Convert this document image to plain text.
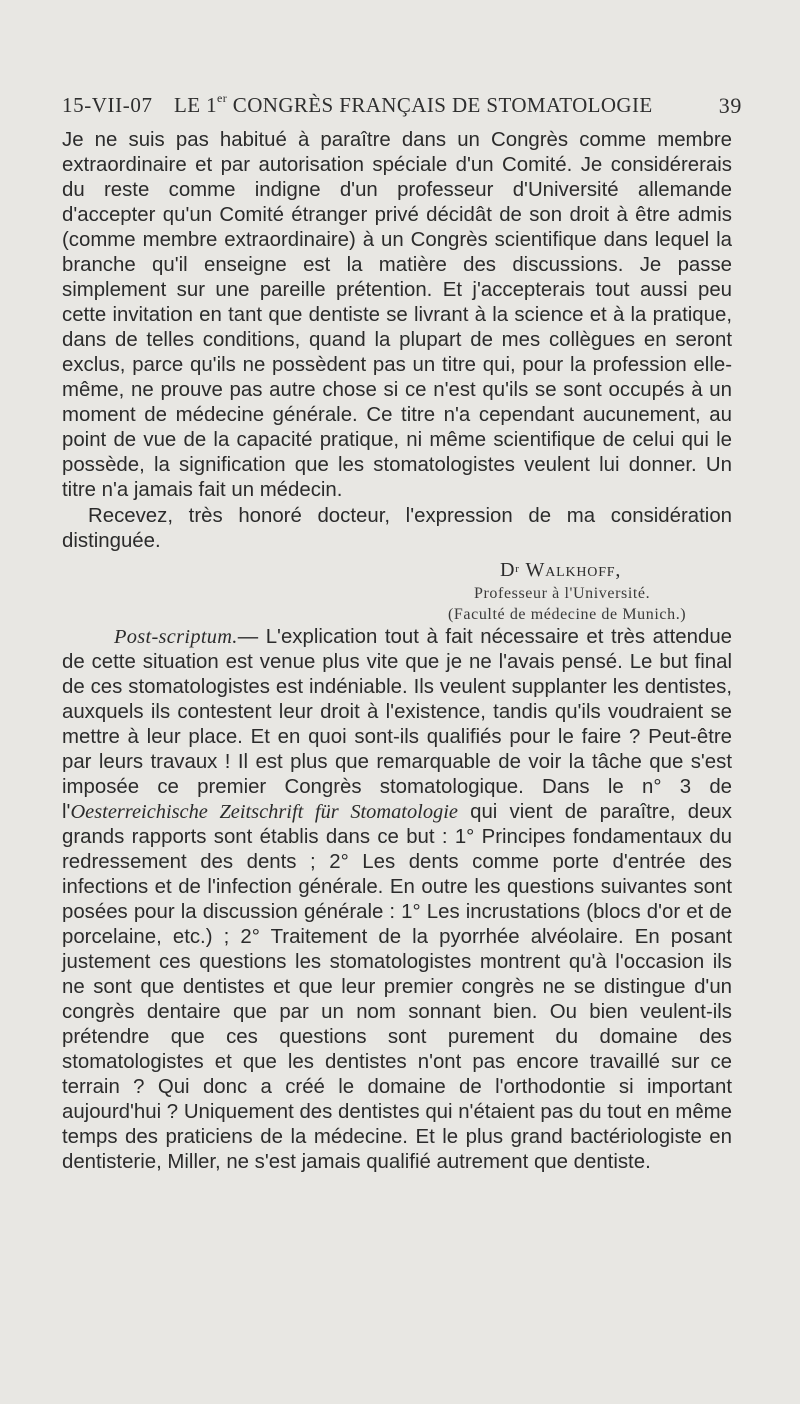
15-VII-07 LE 1er CONGRÈS FRANÇAIS DE STOMATOLOGIE	39

Je ne suis pas habitué à paraître dans un Congrès comme membre extraordinaire et par autorisation spéciale d'un Comité. Je considérerais du reste comme indigne d'un professeur d'Université allemande d'accepter qu'un Comité étranger privé décidât de son droit à être admis (comme membre extraordinaire) à un Congrès scientifique dans lequel la branche qu'il enseigne est la matière des discussions. Je passe simplement sur une pareille prétention. Et j'accepterais tout aussi peu cette invitation en tant que dentiste se livrant à la science et à la pratique, dans de telles conditions, quand la plupart de mes collègues en seront exclus, parce qu'ils ne possèdent pas un titre qui, pour la profession elle-même, ne prouve pas autre chose si ce n'est qu'ils se sont occupés à un moment de médecine générale. Ce titre n'a cependant aucunement, au point de vue de la capacité pratique, ni même scientifique de celui qui le possède, la signification que les stomatologistes veulent lui donner. Un titre n'a jamais fait un médecin.

Recevez, très honoré docteur, l'expression de ma considération distinguée.

$D^r$ Walkhoff,
Professeur à l'Université.
(Faculté de médecine de Munich.)

Post-scriptum.— L'explication tout à fait nécessaire et très attendue de cette situation est venue plus vite que je ne l'avais pensé. Le but final de ces stomatologistes est indéniable. Ils veulent supplanter les dentistes, auxquels ils contestent leur droit à l'existence, tandis qu'ils voudraient se mettre à leur place. Et en quoi sont-ils qualifiés pour le faire ? Peut-être par leurs travaux ! Il est plus que remarquable de voir la tâche que s'est imposée ce premier Congrès stomatologique. Dans le n° 3 de l'Oesterreichische Zeitschrift für Stomatologie qui vient de paraître, deux grands rapports sont établis dans ce but : 1° Principes fondamentaux du redressement des dents ; 2° Les dents comme porte d'entrée des infections et de l'infection générale. En outre les questions suivantes sont posées pour la discussion générale : 1° Les incrustations (blocs d'or et de porcelaine, etc.) ; 2° Traitement de la pyorrhée alvéolaire. En posant justement ces questions les stomatologistes montrent qu'à l'occasion ils ne sont que dentistes et que leur premier congrès ne se distingue d'un congrès dentaire que par un nom sonnant bien. Ou bien veulent-ils prétendre que ces questions sont purement du domaine des stomatologistes et que les dentistes n'ont pas encore travaillé sur ce terrain ? Qui donc a créé le domaine de l'orthodontie si important aujourd'hui ? Uniquement des dentistes qui n'étaient pas du tout en même temps des praticiens de la médecine. Et le plus grand bactériologiste en dentisterie, Miller, ne s'est jamais qualifié autrement que dentiste.
